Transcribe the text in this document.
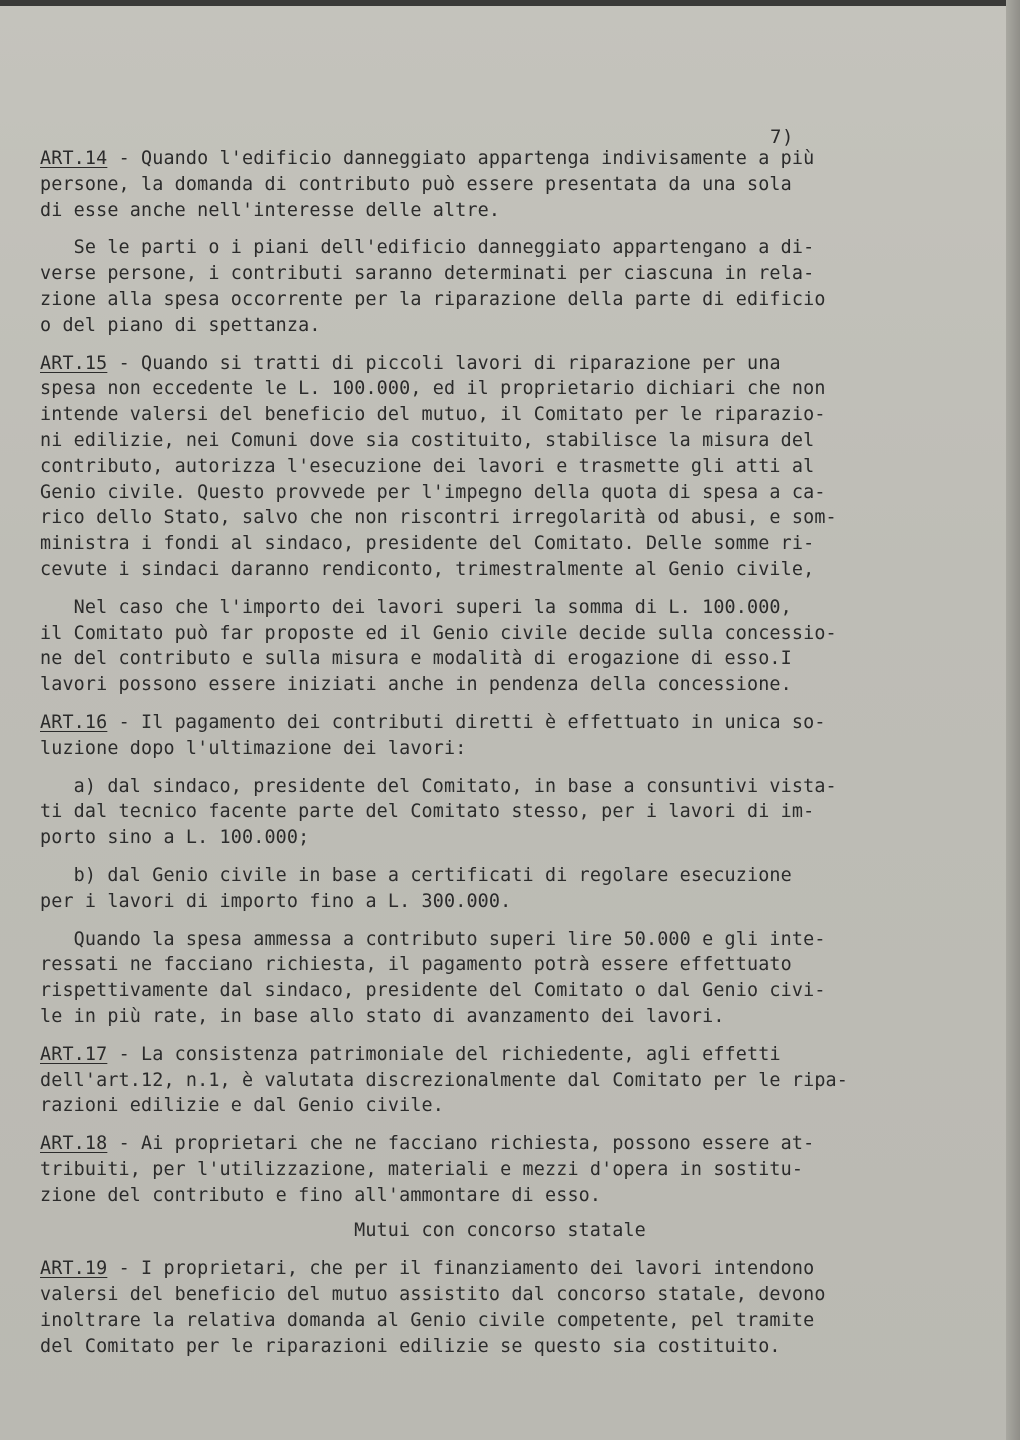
7)
ART.14 - Quando l'edificio danneggiato appartenga indivisamente a più
persone, la domanda di contributo può essere presentata da una sola
di esse anche nell'interesse delle altre.
Se le parti o i piani dell'edificio danneggiato appartengano a di-
verse persone, i contributi saranno determinati per ciascuna in rela-
zione alla spesa occorrente per la riparazione della parte di edificio
o del piano di spettanza.
ART.15 - Quando si tratti di piccoli lavori di riparazione per una
spesa non eccedente le L. 100.000, ed il proprietario dichiari che non
intende valersi del beneficio del mutuo, il Comitato per le riparazio-
ni edilizie, nei Comuni dove sia costituito, stabilisce la misura del
contributo, autorizza l'esecuzione dei lavori e trasmette gli atti al
Genio civile. Questo provvede per l'impegno della quota di spesa a ca-
rico dello Stato, salvo che non riscontri irregolarità od abusi, e som-
ministra i fondi al sindaco, presidente del Comitato. Delle somme ri-
cevute i sindaci daranno rendiconto, trimestralmente al Genio civile,
Nel caso che l'importo dei lavori superi la somma di L. 100.000,
il Comitato può far proposte ed il Genio civile decide sulla concessio-
ne del contributo e sulla misura e modalità di erogazione di esso.I
lavori possono essere iniziati anche in pendenza della concessione.
ART.16 - Il pagamento dei contributi diretti è effettuato in unica so-
luzione dopo l'ultimazione dei lavori:
a) dal sindaco, presidente del Comitato, in base a consuntivi vista-
ti dal tecnico facente parte del Comitato stesso, per i lavori di im-
porto sino a L. 100.000;
b) dal Genio civile in base a certificati di regolare esecuzione
per i lavori di importo fino a L. 300.000.
Quando la spesa ammessa a contributo superi lire 50.000 e gli inte-
ressati ne facciano richiesta, il pagamento potrà essere effettuato
rispettivamente dal sindaco, presidente del Comitato o dal Genio civi-
le in più rate, in base allo stato di avanzamento dei lavori.
ART.17 - La consistenza patrimoniale del richiedente, agli effetti
dell'art.12, n.1, è valutata discrezionalmente dal Comitato per le ripa-
razioni edilizie e dal Genio civile.
ART.18 - Ai proprietari che ne facciano richiesta, possono essere at-
tribuiti, per l'utilizzazione, materiali e mezzi d'opera in sostitu-
zione del contributo e fino all'ammontare di esso.
Mutui con concorso statale
ART.19 - I proprietari, che per il finanziamento dei lavori intendono
valersi del beneficio del mutuo assistito dal concorso statale, devono
inoltrare la relativa domanda al Genio civile competente, pel tramite
del Comitato per le riparazioni edilizie se questo sia costituito.
